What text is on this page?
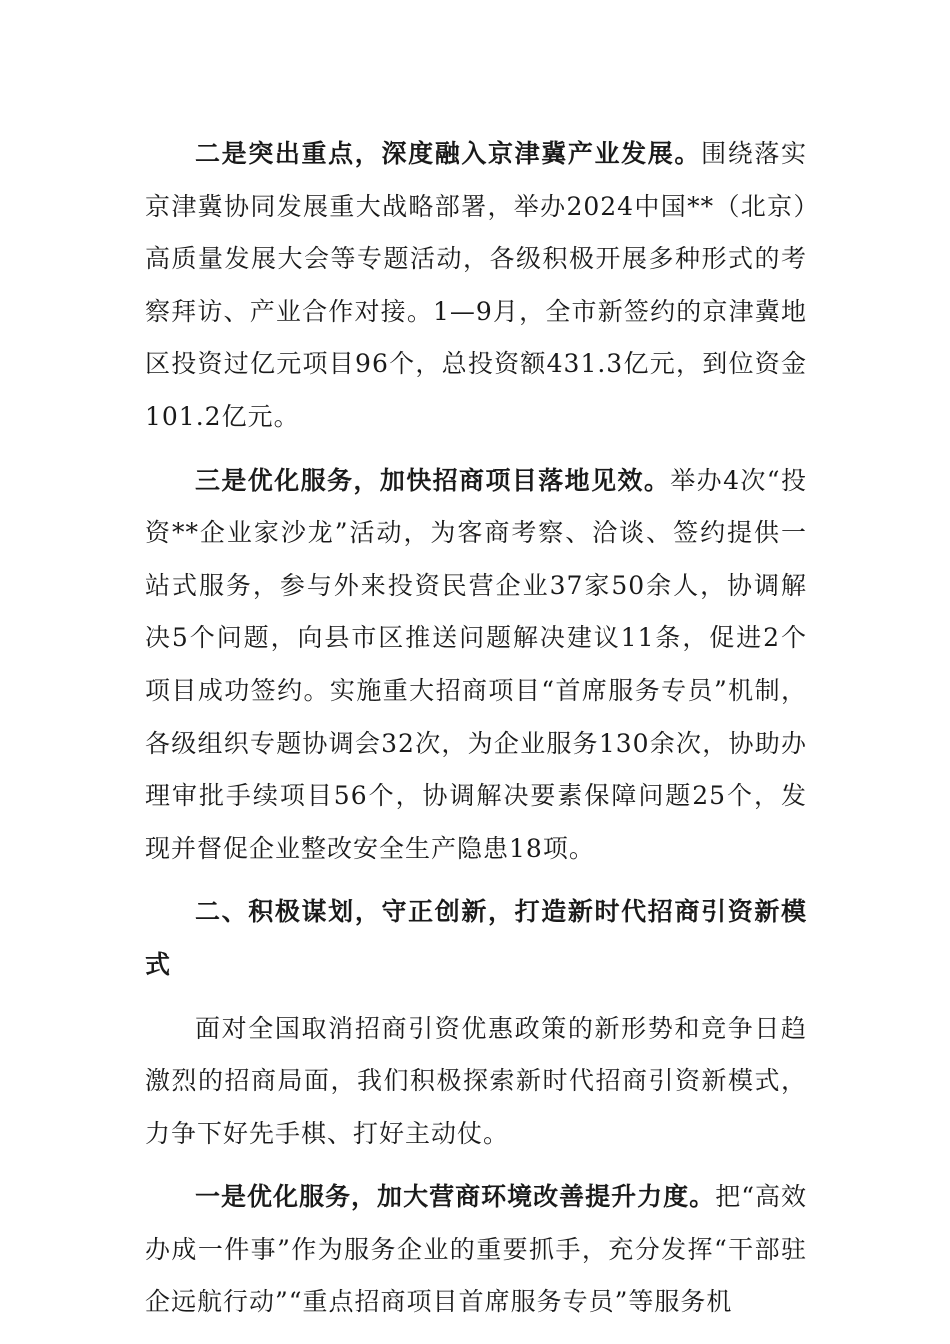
二是突出重点，深度融入京津冀产业发展。围绕落实京津冀协同发展重大战略部署，举办2024中国**（北京）高质量发展大会等专题活动，各级积极开展多种形式的考察拜访、产业合作对接。1—9月，全市新签约的京津冀地区投资过亿元项目96个，总投资额431.3亿元，到位资金101.2亿元。

三是优化服务，加快招商项目落地见效。举办4次“投资**企业家沙龙”活动，为客商考察、洽谈、签约提供一站式服务，参与外来投资民营企业37家50余人，协调解决5个问题，向县市区推送问题解决建议11条，促进2个项目成功签约。实施重大招商项目“首席服务专员”机制，各级组织专题协调会32次，为企业服务130余次，协助办理审批手续项目56个，协调解决要素保障问题25个，发现并督促企业整改安全生产隐患18项。

二、积极谋划，守正创新，打造新时代招商引资新模式

面对全国取消招商引资优惠政策的新形势和竞争日趋激烈的招商局面，我们积极探索新时代招商引资新模式，力争下好先手棋、打好主动仗。

一是优化服务，加大营商环境改善提升力度。把“高效办成一件事”作为服务企业的重要抓手，充分发挥“干部驻企远航行动”“重点招商项目首席服务专员”等服务机
